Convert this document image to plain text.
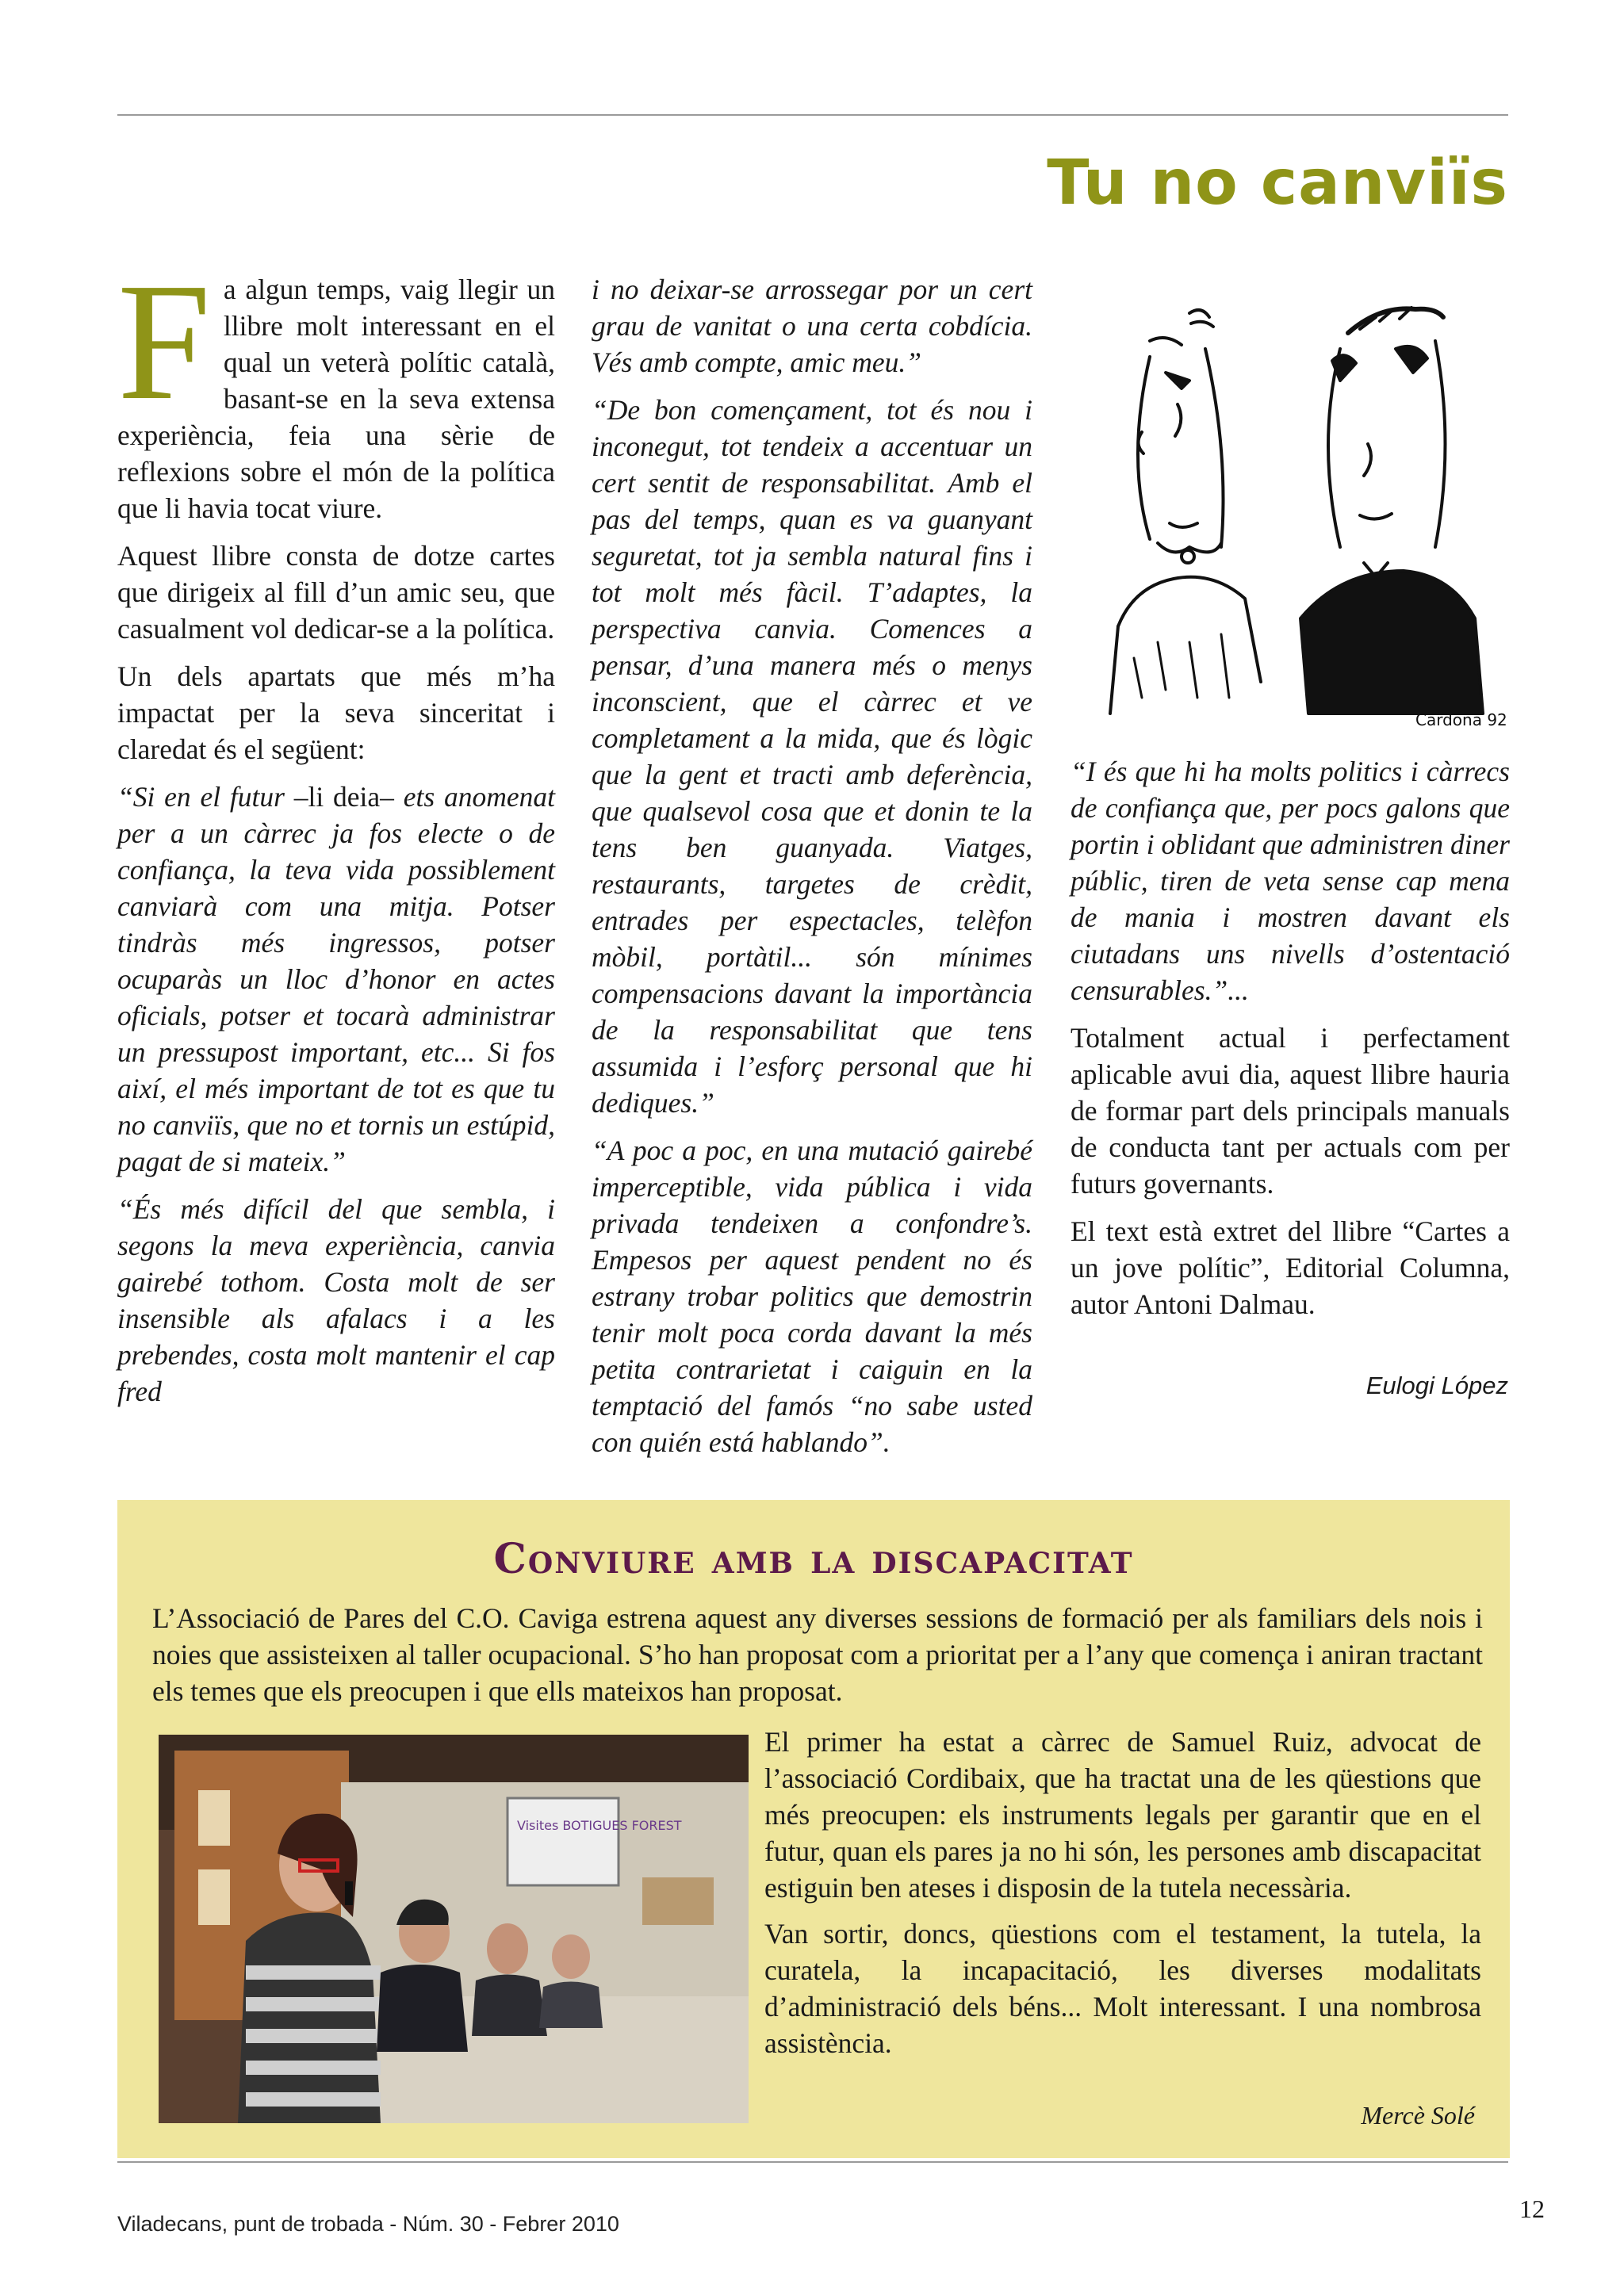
Tu no canviïs

Fa algun temps, vaig llegir un llibre molt interessant en el qual un veterà polític català, basant-se en la seva extensa experiència, feia una sèrie de reflexions sobre el món de la política que li havia tocat viure.

Aquest llibre consta de dotze cartes que dirigeix al fill d’un amic seu, que casualment vol dedicar-se a la política.

Un dels apartats que més m’ha impactat per la seva sinceritat i claredat és el següent:

“Si en el futur –li deia– ets anomenat per a un càrrec ja fos electe o de confiança, la teva vida possiblement canviarà com una mitja. Potser tindràs més ingressos, potser ocuparàs un lloc d’honor en actes oficials, potser et tocarà administrar un pressupost important, etc... Si fos així, el més important de tot es que tu no canviïs, que no et tornis un estúpid, pagat de si mateix.”

“És més difícil del que sembla, i segons la meva experiència, canvia gairebé tothom. Costa molt de ser insensible als afalacs i a les prebendes, costa molt mantenir el cap fred

i no deixar-se arrossegar por un cert grau de vanitat o una certa cobdícia. Vés amb compte, amic meu.”

“De bon començament, tot és nou i inconegut, tot tendeix a accentuar un cert sentit de responsabilitat. Amb el pas del temps, quan es va guanyant seguretat, tot ja sembla natural fins i tot molt més fàcil. T’adaptes, la perspectiva canvia. Comences a pensar, d’una manera més o menys inconscient, que el càrrec et ve completament a la mida, que és lògic que la gent et tracti amb deferència, que qualsevol cosa que et donin te la tens ben guanyada. Viatges, restaurants, targetes de crèdit, entrades per espectacles, telèfon mòbil, portàtil... són mínimes compensacions davant la importància de la responsabilitat que tens assumida i l’esforç personal que hi dediques.”

“A poc a poc, en una mutació gairebé imperceptible, vida pública i vida privada tendeixen a confondre’s. Empesos per aquest pendent no és estrany trobar politics que demostrin tenir molt poca corda davant la més petita contrarietat i caiguin en la temptació del famós “no sabe usted con quién está hablando”.

Cardona 92

“I és que hi ha molts politics i càrrecs de confiança que, per pocs galons que portin i oblidant que administren diner públic, tiren de veta sense cap mena de mania i mostren davant els ciutadans uns nivells d’ostentació censurables.”...

Totalment actual i perfectament aplicable avui dia, aquest llibre hauria de formar part dels principals manuals de conducta tant per actuals com per futurs governants.

El text està extret del llibre “Cartes a un jove polític”, Editorial Columna, autor Antoni Dalmau.

Eulogi López
Conviure amb la discapacitat

L’Associació de Pares del C.O. Caviga estrena aquest any diverses sessions de formació per als familiars dels nois i noies que assisteixen al taller ocupacional. S’ho han proposat com a prioritat per a l’any que comença i aniran tractant els temes que els preocupen i que ells mateixos han proposat.

Visites BOTIGUES FOREST

El primer ha estat a càrrec de Samuel Ruiz, advocat de l’associació Cordibaix, que ha tractat una de les qüestions que més preocupen: els instruments legals per garantir que en el futur, quan els pares ja no hi són, les persones amb discapacitat estiguin ben ateses i disposin de la tutela necessària.

Van sortir, doncs, qüestions com el testament, la tutela, la curatela, la incapacitació, les diverses modalitats d’administració dels béns... Molt interessant. I una nombrosa assistència.

Mercè Solé
Viladecans, punt de trobada - Núm. 30 - Febrer 2010
12
